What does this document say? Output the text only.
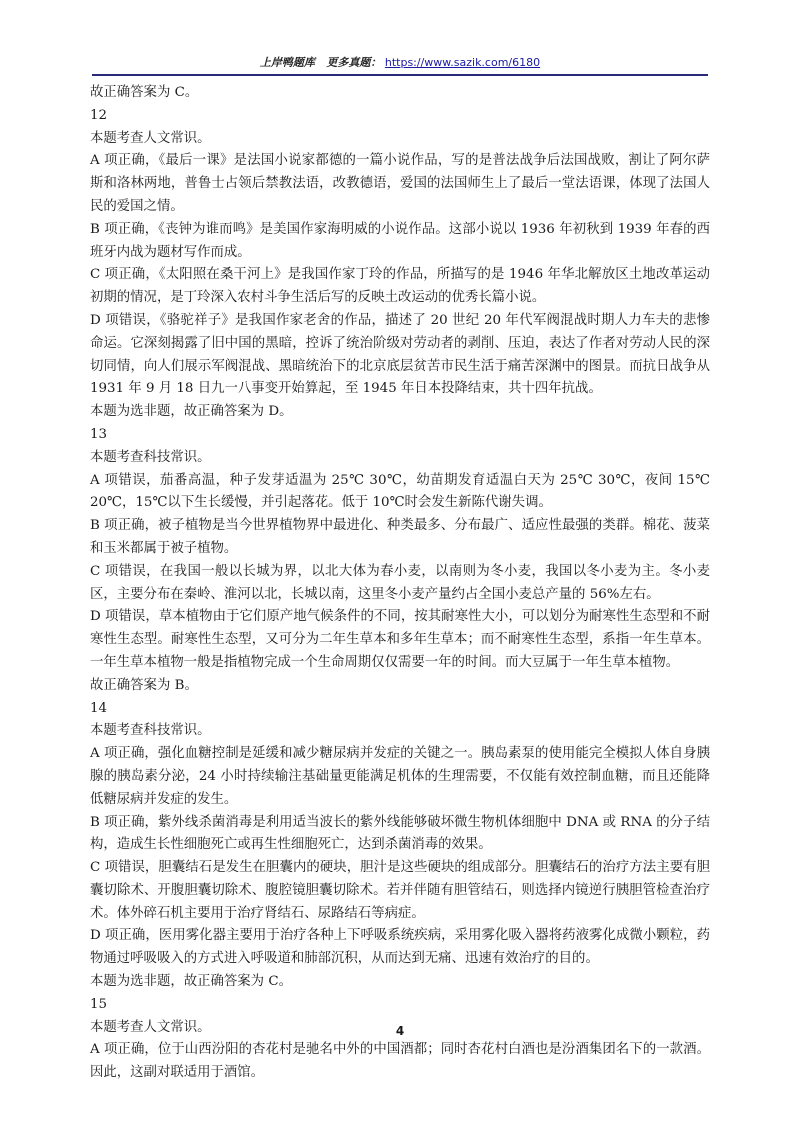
上岸鸭题库 更多真题： https://www.sazik.com/6180

故正确答案为 C。

12

本题考查人文常识。

A 项正确，《最后一课》是法国小说家都德的一篇小说作品，写的是普法战争后法国战败，割让了阿尔萨斯和洛林两地，普鲁士占领后禁教法语，改教德语，爱国的法国师生上了最后一堂法语课，体现了法国人民的爱国之情。

B 项正确，《丧钟为谁而鸣》是美国作家海明威的小说作品。这部小说以 1936 年初秋到 1939 年春的西班牙内战为题材写作而成。

C 项正确，《太阳照在桑干河上》是我国作家丁玲的作品，所描写的是 1946 年华北解放区土地改革运动初期的情况，是丁玲深入农村斗争生活后写的反映土改运动的优秀长篇小说。

D 项错误，《骆驼祥子》是我国作家老舍的作品，描述了 20 世纪 20 年代军阀混战时期人力车夫的悲惨命运。它深刻揭露了旧中国的黑暗，控诉了统治阶级对劳动者的剥削、压迫，表达了作者对劳动人民的深切同情，向人们展示军阀混战、黑暗统治下的北京底层贫苦市民生活于痛苦深渊中的图景。而抗日战争从 1931 年 9 月 18 日九一八事变开始算起，至 1945 年日本投降结束，共十四年抗战。

本题为选非题，故正确答案为 D。

13

本题考查科技常识。

A 项错误，茄番高温，种子发芽适温为 25℃ 30℃，幼苗期发育适温白天为 25℃ 30℃，夜间 15℃ 20℃，15℃以下生长缓慢，并引起落花。低于 10℃时会发生新陈代谢失调。

B 项正确，被子植物是当今世界植物界中最进化、种类最多、分布最广、适应性最强的类群。棉花、菠菜和玉米都属于被子植物。

C 项错误，在我国一般以长城为界，以北大体为春小麦，以南则为冬小麦，我国以冬小麦为主。冬小麦区，主要分布在秦岭、淮河以北，长城以南，这里冬小麦产量约占全国小麦总产量的 56%左右。

D 项错误，草本植物由于它们原产地气候条件的不同，按其耐寒性大小，可以划分为耐寒性生态型和不耐寒性生态型。耐寒性生态型，又可分为二年生草本和多年生草本；而不耐寒性生态型，系指一年生草本。一年生草本植物一般是指植物完成一个生命周期仅仅需要一年的时间。而大豆属于一年生草本植物。

故正确答案为 B。

14

本题考查科技常识。

A 项正确，强化血糖控制是延缓和减少糖尿病并发症的关键之一。胰岛素泵的使用能完全模拟人体自身胰腺的胰岛素分泌，24 小时持续输注基础量更能满足机体的生理需要，不仅能有效控制血糖，而且还能降低糖尿病并发症的发生。

B 项正确，紫外线杀菌消毒是利用适当波长的紫外线能够破坏微生物机体细胞中 DNA 或 RNA 的分子结构，造成生长性细胞死亡或再生性细胞死亡，达到杀菌消毒的效果。

C 项错误，胆囊结石是发生在胆囊内的硬块，胆汁是这些硬块的组成部分。胆囊结石的治疗方法主要有胆囊切除术、开腹胆囊切除术、腹腔镜胆囊切除术。若并伴随有胆管结石，则选择内镜逆行胰胆管检查治疗术。体外碎石机主要用于治疗肾结石、尿路结石等病症。

D 项正确，医用雾化器主要用于治疗各种上下呼吸系统疾病，采用雾化吸入器将药液雾化成微小颗粒，药物通过呼吸吸入的方式进入呼吸道和肺部沉积，从而达到无痛、迅速有效治疗的目的。

本题为选非题，故正确答案为 C。

15

本题考查人文常识。

A 项正确，位于山西汾阳的杏花村是驰名中外的中国酒都；同时杏花村白酒也是汾酒集团名下的一款酒。因此，这副对联适用于酒馆。

4
